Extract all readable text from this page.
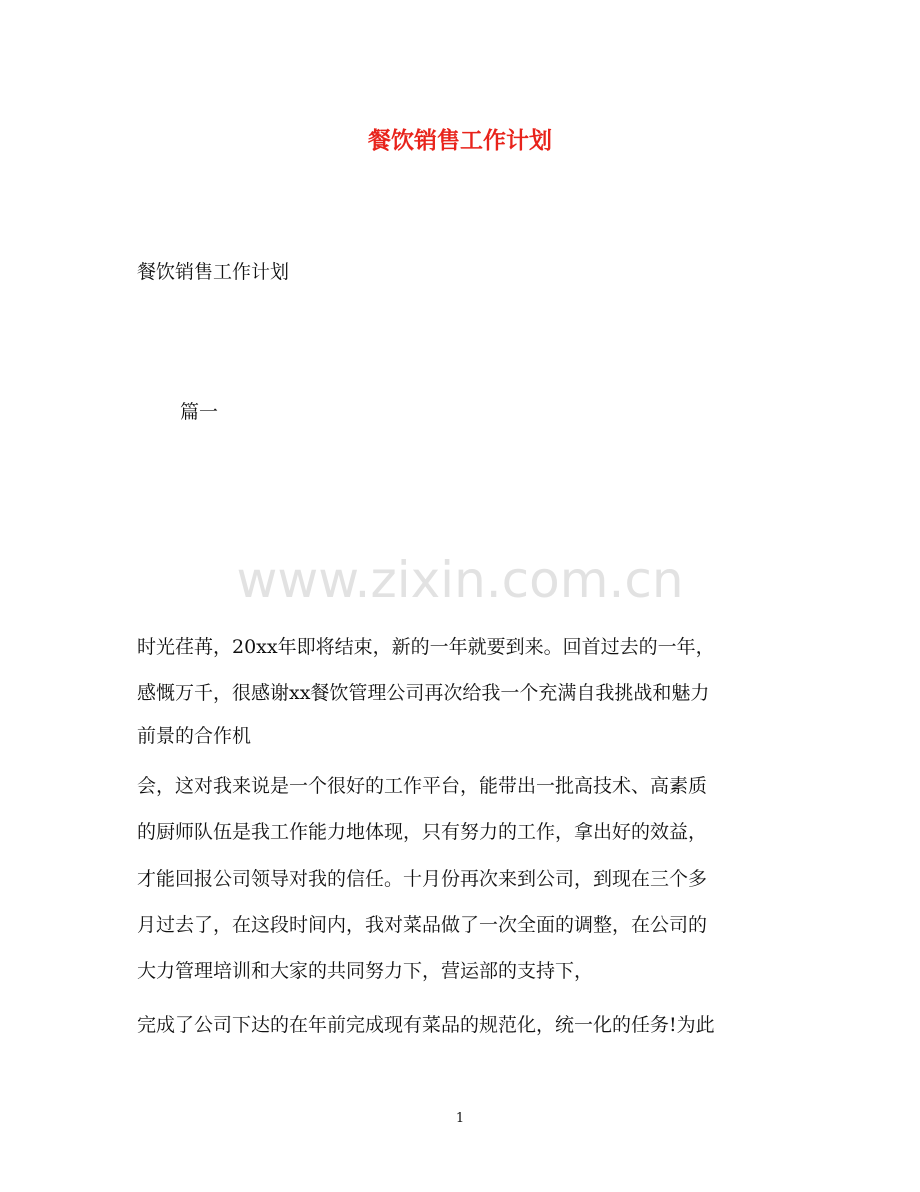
餐饮销售工作计划
餐饮销售工作计划
篇一
www.zixin.com.cn
时光荏苒，20xx年即将结束，新的一年就要到来。回首过去的一年，
感慨万千，很感谢xx餐饮管理公司再次给我一个充满自我挑战和魅力
前景的合作机
会，这对我来说是一个很好的工作平台，能带出一批高技术、高素质
的厨师队伍是我工作能力地体现，只有努力的工作，拿出好的效益，
才能回报公司领导对我的信任。十月份再次来到公司，到现在三个多
月过去了，在这段时间内，我对菜品做了一次全面的调整，在公司的
大力管理培训和大家的共同努力下，营运部的支持下，
完成了公司下达的在年前完成现有菜品的规范化，统一化的任务!为此
1
